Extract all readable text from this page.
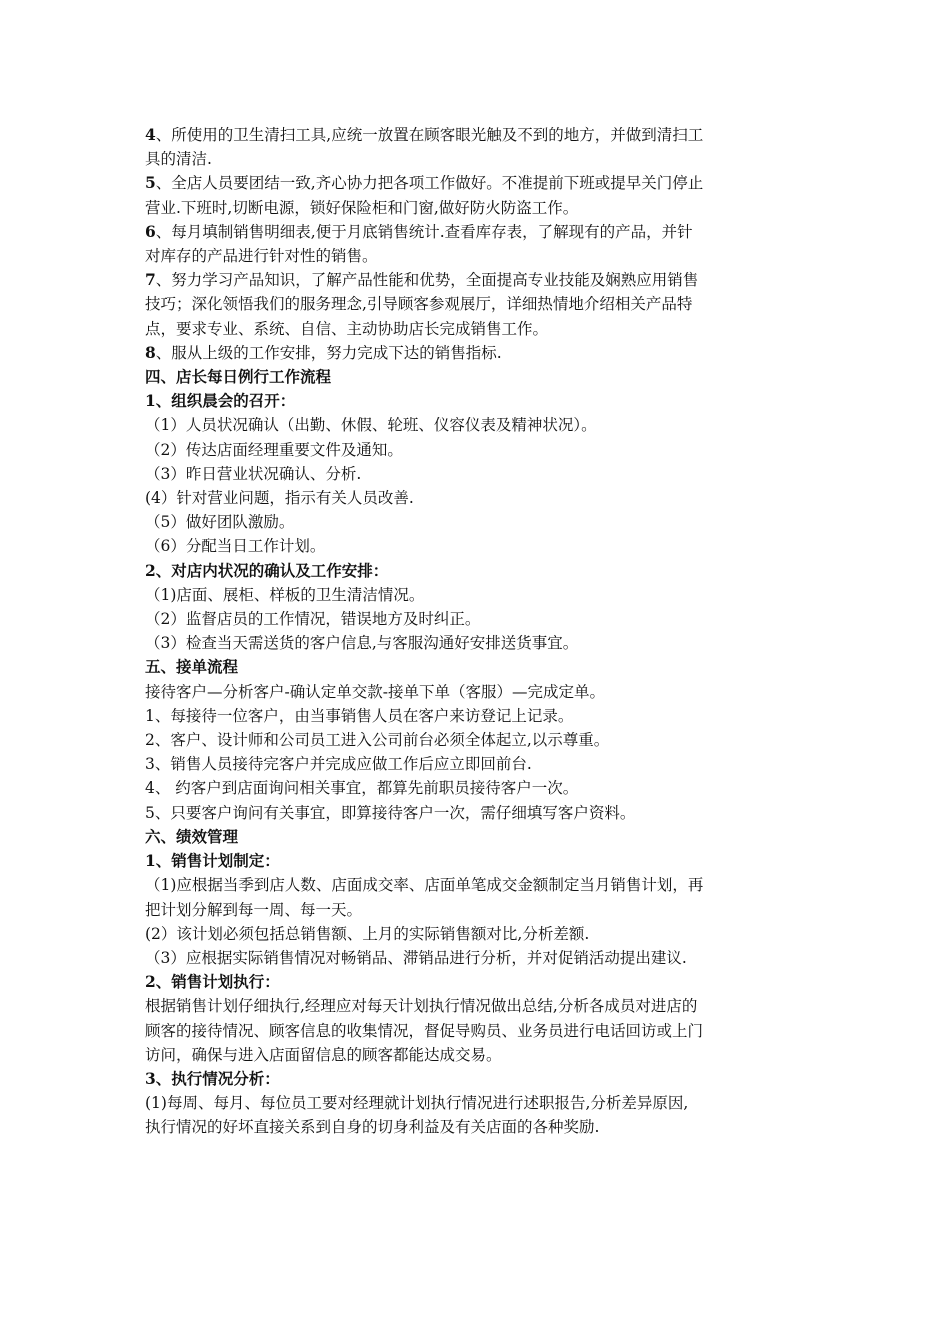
4、所使用的卫生清扫工具,应统一放置在顾客眼光触及不到的地方，并做到清扫工
具的清洁.
5、全店人员要团结一致,齐心协力把各项工作做好。不准提前下班或提早关门停止
营业.下班时,切断电源，锁好保险柜和门窗,做好防火防盗工作。
6、每月填制销售明细表,便于月底销售统计.查看库存表，了解现有的产品，并针
对库存的产品进行针对性的销售。
7、努力学习产品知识，了解产品性能和优势，全面提高专业技能及娴熟应用销售
技巧；深化领悟我们的服务理念,引导顾客参观展厅，详细热情地介绍相关产品特
点，要求专业、系统、自信、主动协助店长完成销售工作。
8、服从上级的工作安排，努力完成下达的销售指标.
四、店长每日例行工作流程
1、组织晨会的召开：
（1）人员状况确认（出勤、休假、轮班、仪容仪表及精神状况）。
（2）传达店面经理重要文件及通知。
（3）昨日营业状况确认、分析.
(4）针对营业问题，指示有关人员改善.
（5）做好团队激励。
（6）分配当日工作计划。
2、对店内状况的确认及工作安排：
（1)店面、展柜、样板的卫生清洁情况。
（2）监督店员的工作情况，错误地方及时纠正。
（3）检查当天需送货的客户信息,与客服沟通好安排送货事宜。
五、接单流程
接待客户—分析客户-确认定单交款-接单下单（客服）—完成定单。
1、每接待一位客户，由当事销售人员在客户来访登记上记录。
2、客户、设计师和公司员工进入公司前台必须全体起立,以示尊重。
3、销售人员接待完客户并完成应做工作后应立即回前台.
4、 约客户到店面询问相关事宜，都算先前职员接待客户一次。
5、只要客户询问有关事宜，即算接待客户一次，需仔细填写客户资料。
六、绩效管理
1、销售计划制定：
（1)应根据当季到店人数、店面成交率、店面单笔成交金额制定当月销售计划，再
把计划分解到每一周、每一天。
(2）该计划必须包括总销售额、上月的实际销售额对比,分析差额.
（3）应根据实际销售情况对畅销品、滞销品进行分析，并对促销活动提出建议.
2、销售计划执行：
根据销售计划仔细执行,经理应对每天计划执行情况做出总结,分析各成员对进店的
顾客的接待情况、顾客信息的收集情况，督促导购员、业务员进行电话回访或上门
访问，确保与进入店面留信息的顾客都能达成交易。
3、执行情况分析：
(1)每周、每月、每位员工要对经理就计划执行情况进行述职报告,分析差异原因,
执行情况的好坏直接关系到自身的切身利益及有关店面的各种奖励.
